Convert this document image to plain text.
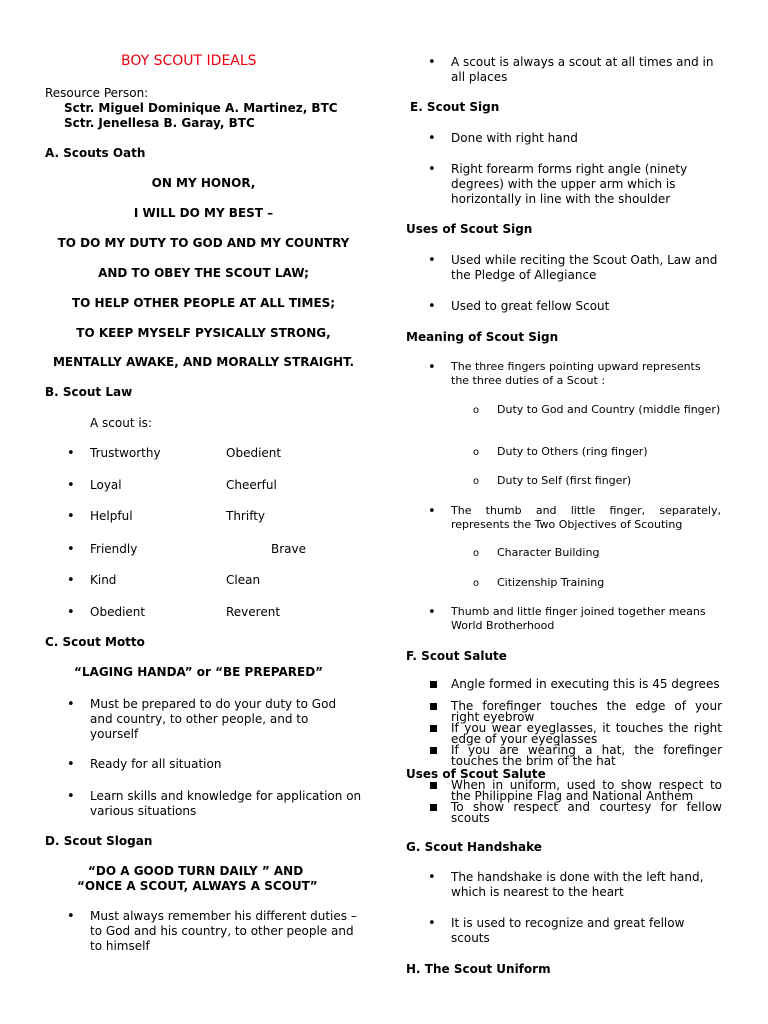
BOY SCOUT IDEALS
Resource Person:
Sctr. Miguel Dominique A. Martinez, BTC
Sctr. Jenellesa B. Garay, BTC
A. Scouts Oath
ON MY HONOR,
I WILL DO MY BEST –
TO DO MY DUTY TO GOD AND MY COUNTRY
AND TO OBEY THE SCOUT LAW;
TO HELP OTHER PEOPLE AT ALL TIMES;
TO KEEP MYSELF PYSICALLY STRONG,
MENTALLY AWAKE, AND MORALLY STRAIGHT.
B. Scout Law
A scout is:
• Trustworthy	Obedient
• Loyal	Cheerful
• Helpful	Thrifty
• Friendly	Brave
• Kind	Clean
• Obedient	Reverent
C. Scout Motto
“LAGING HANDA” or “BE PREPARED”
• Must be prepared to do your duty to God and country, to other people, and to yourself
• Ready for all situation
• Learn skills and knowledge for application on various situations
D. Scout Slogan
“DO A GOOD TURN DAILY ” AND
“ONCE A SCOUT, ALWAYS A SCOUT”
• Must always remember his different duties – to God and his country, to other people and to himself
• A scout is always a scout at all times and in all places
E. Scout Sign
• Done with right hand
• Right forearm forms right angle (ninety degrees) with the upper arm which is horizontally in line with the shoulder
Uses of Scout Sign
• Used while reciting the Scout Oath, Law and the Pledge of Allegiance
• Used to great fellow Scout
Meaning of Scout Sign
• The three fingers pointing upward represents the three duties of a Scout :
o Duty to God and Country (middle finger)
o Duty to Others (ring finger)
o Duty to Self (first finger)
• The thumb and little finger, separately, represents the Two Objectives of Scouting
o Character Building
o Citizenship Training
• Thumb and little finger joined together means World Brotherhood
F. Scout Salute
Angle formed in executing this is 45 degrees
The forefinger touches the edge of your right eyebrow
If you wear eyeglasses, it touches the right edge of your eyeglasses
If you are wearing a hat, the forefinger touches the brim of the hat
Uses of Scout Salute
When in uniform, used to show respect to the Philippine Flag and National Anthem
To show respect and courtesy for fellow scouts
G. Scout Handshake
• The handshake is done with the left hand, which is nearest to the heart
• It is used to recognize and great fellow scouts
H. The Scout Uniform
